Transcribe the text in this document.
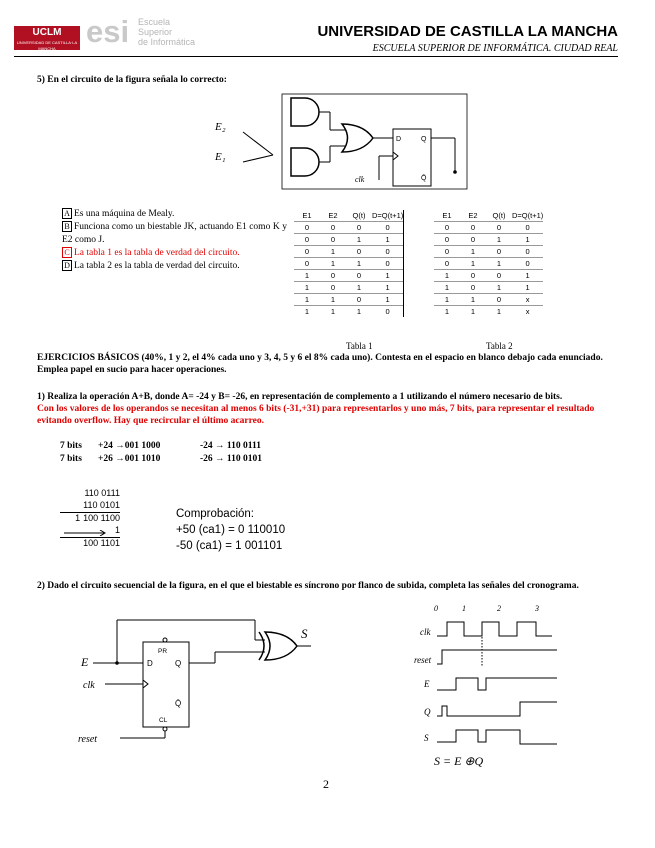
UCLM
UNIVERSIDAD DE CASTILLA·LA MANCHA esi Escuela
Superior
de Informática
UNIVERSIDAD DE CASTILLA LA MANCHA
ESCUELA SUPERIOR DE INFORMÁTICA. CIUDAD REAL
5) En el circuito de la figura señala lo correcto:
E₂
E₁
clk
D	Q
Q̄
A Es una máquina de Mealy.
B Funciona como un biestable JK, actuando E1 como K y E2 como J.
C La tabla 1 es la tabla de verdad del circuito.
D La tabla 2 es la tabla de verdad del circuito.
E1	E2	Q(t)	D=Q(t+1)
0	0	0	0
0	0	1	1
0	1	0	0
0	1	1	0
1	0	0	1
1	0	1	1
1	1	0	1
1	1	1	0
E1	E2	Q(t)	D=Q(t+1)
0	0	0	0
0	0	1	1
0	1	0	0
0	1	1	0
1	0	0	1
1	0	1	1
1	1	0	x
1	1	1	x
Tabla 1	Tabla 2
EJERCICIOS BÁSICOS (40%, 1 y 2, el 4% cada uno y 3, 4, 5 y 6 el 8% cada uno). Contesta en el espacio en blanco debajo cada enunciado. Emplea papel en sucio para hacer operaciones.
1) Realiza la operación A+B, donde A= -24 y B= -26, en representación de complemento a 1 utilizando el número necesario de bits.
Con los valores de los operandos se necesitan al menos 6 bits (-31,+31) para representarlos y uno más, 7 bits, para representar el resultado evitando overflow. Hay que recircular el último acarreo.
7 bits +24 →001 1000	-24 → 110 0111
7 bits +26 →001 1010	-26 → 110 0101
110 0111
110 0101
1 100 1100
1
100 1101
Comprobación:
+50 (ca1) = 0 110010
-50 (ca1) = 1 001101
2) Dado el circuito secuencial de la figura, en el que el biestable es síncrono por flanco de subida, completa las señales del cronograma.
D	Q
Q̄
PR
CL
E
clk
reset
S
0	1	2	3
clk
reset
E
Q
S
S = E ⊕Q
2
